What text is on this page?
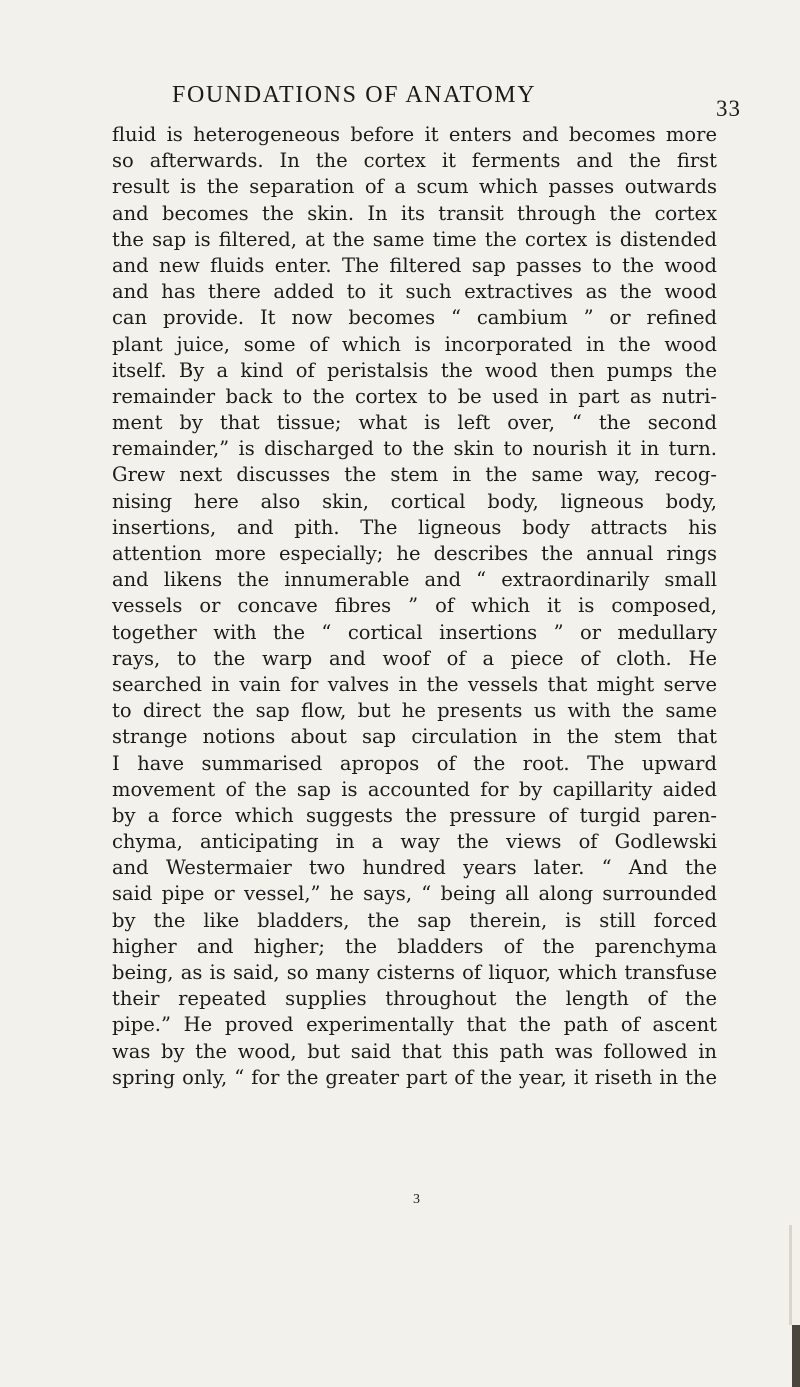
FOUNDATIONS OF ANATOMY
33
fluid is heterogeneous before it enters and becomes more
so afterwards. In the cortex it ferments and the first
result is the separation of a scum which passes outwards
and becomes the skin. In its transit through the cortex
the sap is filtered, at the same time the cortex is distended
and new fluids enter. The filtered sap passes to the wood
and has there added to it such extractives as the wood
can provide. It now becomes “ cambium ” or refined
plant juice, some of which is incorporated in the wood
itself. By a kind of peristalsis the wood then pumps the
remainder back to the cortex to be used in part as nutri-
ment by that tissue; what is left over, “ the second
remainder,” is discharged to the skin to nourish it in turn.
Grew next discusses the stem in the same way, recog-
nising here also skin, cortical body, ligneous body,
insertions, and pith. The ligneous body attracts his
attention more especially; he describes the annual rings
and likens the innumerable and “ extraordinarily small
vessels or concave fibres ” of which it is composed,
together with the “ cortical insertions ” or medullary
rays, to the warp and woof of a piece of cloth. He
searched in vain for valves in the vessels that might serve
to direct the sap flow, but he presents us with the same
strange notions about sap circulation in the stem that
I have summarised apropos of the root. The upward
movement of the sap is accounted for by capillarity aided
by a force which suggests the pressure of turgid paren-
chyma, anticipating in a way the views of Godlewski
and Westermaier two hundred years later. “ And the
said pipe or vessel,” he says, “ being all along surrounded
by the like bladders, the sap therein, is still forced
higher and higher; the bladders of the parenchyma
being, as is said, so many cisterns of liquor, which transfuse
their repeated supplies throughout the length of the
pipe.” He proved experimentally that the path of ascent
was by the wood, but said that this path was followed in
spring only, “ for the greater part of the year, it riseth in the
3
